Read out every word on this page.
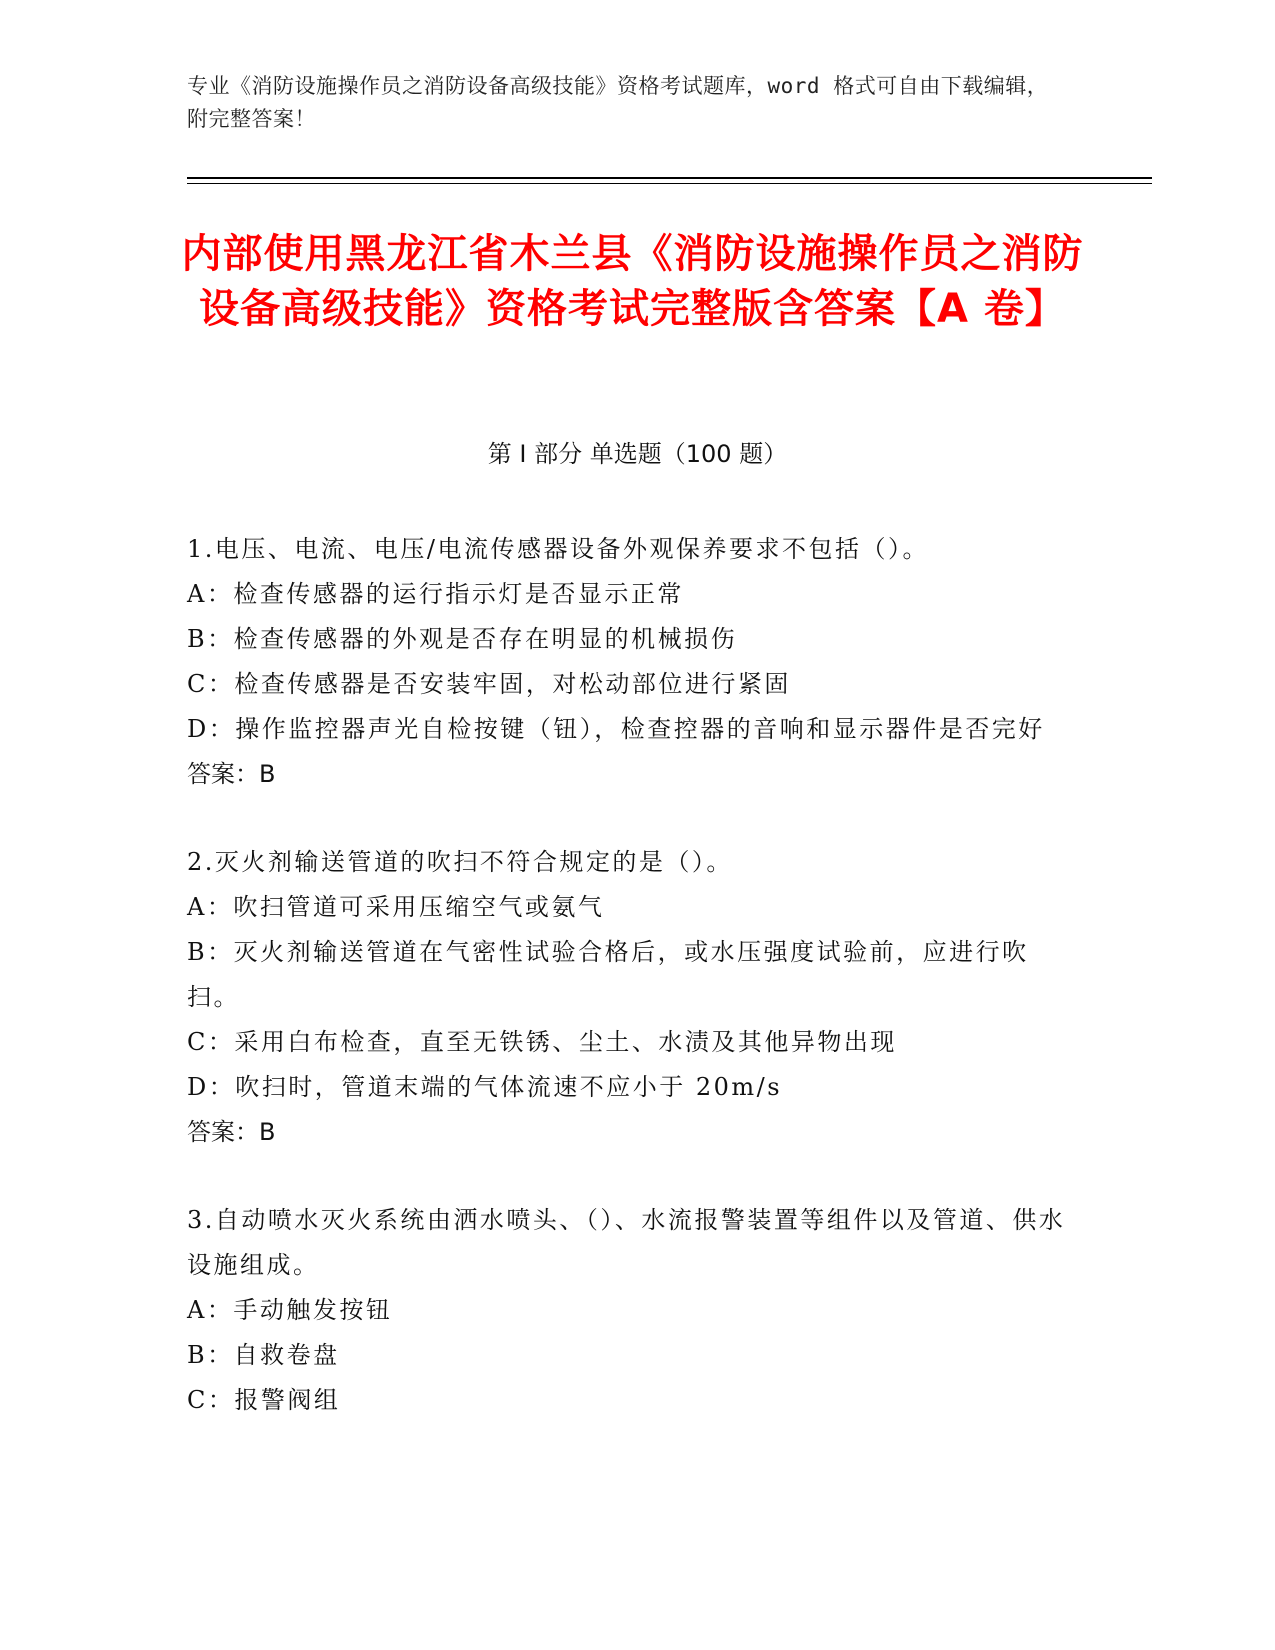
专业《消防设施操作员之消防设备高级技能》资格考试题库，word 格式可自由下载编辑，附完整答案！
内部使用黑龙江省木兰县《消防设施操作员之消防设备高级技能》资格考试完整版含答案【A 卷】
第 I 部分 单选题（100 题）
1.电压、电流、电压/电流传感器设备外观保养要求不包括（）。
A：检查传感器的运行指示灯是否显示正常
B：检查传感器的外观是否存在明显的机械损伤
C：检查传感器是否安装牢固，对松动部位进行紧固
D：操作监控器声光自检按键（钮），检查控器的音响和显示器件是否完好
答案：B
2.灭火剂输送管道的吹扫不符合规定的是（）。
A：吹扫管道可采用压缩空气或氨气
B：灭火剂输送管道在气密性试验合格后，或水压强度试验前，应进行吹扫。
C：采用白布检查，直至无铁锈、尘土、水渍及其他异物出现
D：吹扫时，管道末端的气体流速不应小于 20m/s
答案：B
3.自动喷水灭火系统由洒水喷头、（）、水流报警装置等组件以及管道、供水设施组成。
A：手动触发按钮
B：自救卷盘
C：报警阀组
